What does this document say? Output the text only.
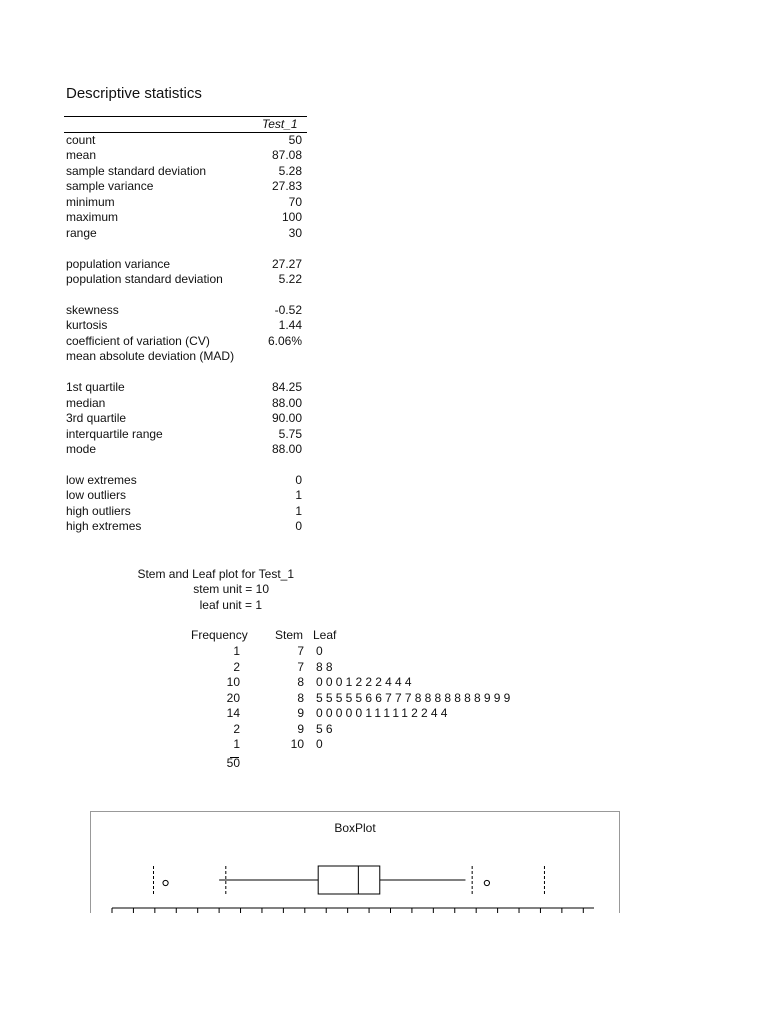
Descriptive statistics
Test_1
count	50
mean	87.08
sample standard deviation	5.28
sample variance	27.83
minimum	70
maximum	100
range	30
population variance	27.27
population standard deviation	5.22
skewness	-0.52
kurtosis	1.44
coefficient of variation (CV)	6.06%
mean absolute deviation (MAD)
1st quartile	84.25
median	88.00
3rd quartile	90.00
interquartile range	5.75
mode	88.00
low extremes	0
low outliers	1
high outliers	1
high extremes	0
Stem and Leaf plot for Test_1
stem unit = 10
leaf unit = 1
Frequency Stem Leaf
1	7 0
2	7 88
10	8 0001222444
20	8 55555667778888888999
14	9 00000111112244
2	9 56
1	10 0
50
BoxPlot
